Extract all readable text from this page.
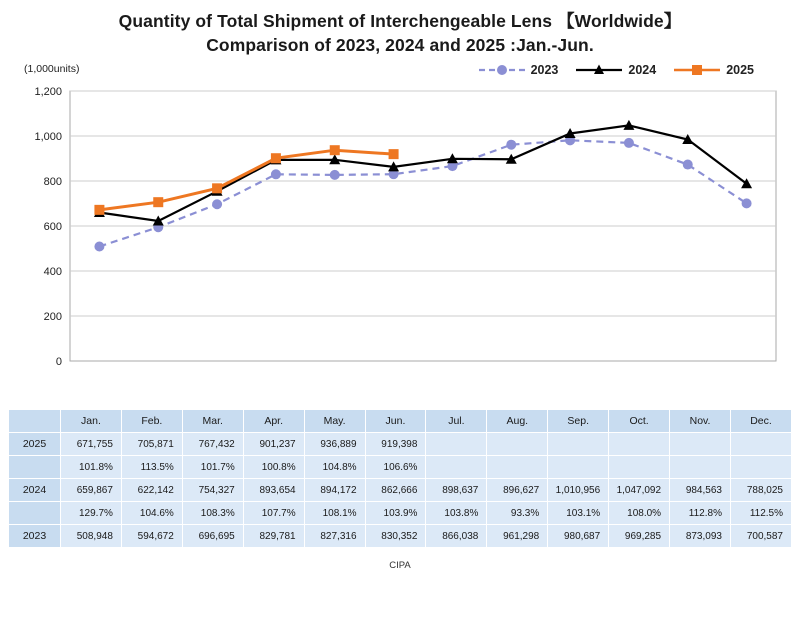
Quantity of Total Shipment of Interchengeable Lens 【Worldwide】
Comparison of 2023, 2024 and 2025 :Jan.-Jun.
(1,000units)	2023	2024	2025
0
200
400
600
800
1,000
1,200
	Jan.	Feb.	Mar.	Apr.	May.	Jun.	Jul.	Aug.	Sep.	Oct.	Nov.	Dec.
2025	671,755	705,871	767,432	901,237	936,889	919,398						
	101.8%	113.5%	101.7%	100.8%	104.8%	106.6%						
2024	659,867	622,142	754,327	893,654	894,172	862,666	898,637	896,627	1,010,956	1,047,092	984,563	788,025
	129.7%	104.6%	108.3%	107.7%	108.1%	103.9%	103.8%	93.3%	103.1%	108.0%	112.8%	112.5%
2023	508,948	594,672	696,695	829,781	827,316	830,352	866,038	961,298	980,687	969,285	873,093	700,587
CIPA
